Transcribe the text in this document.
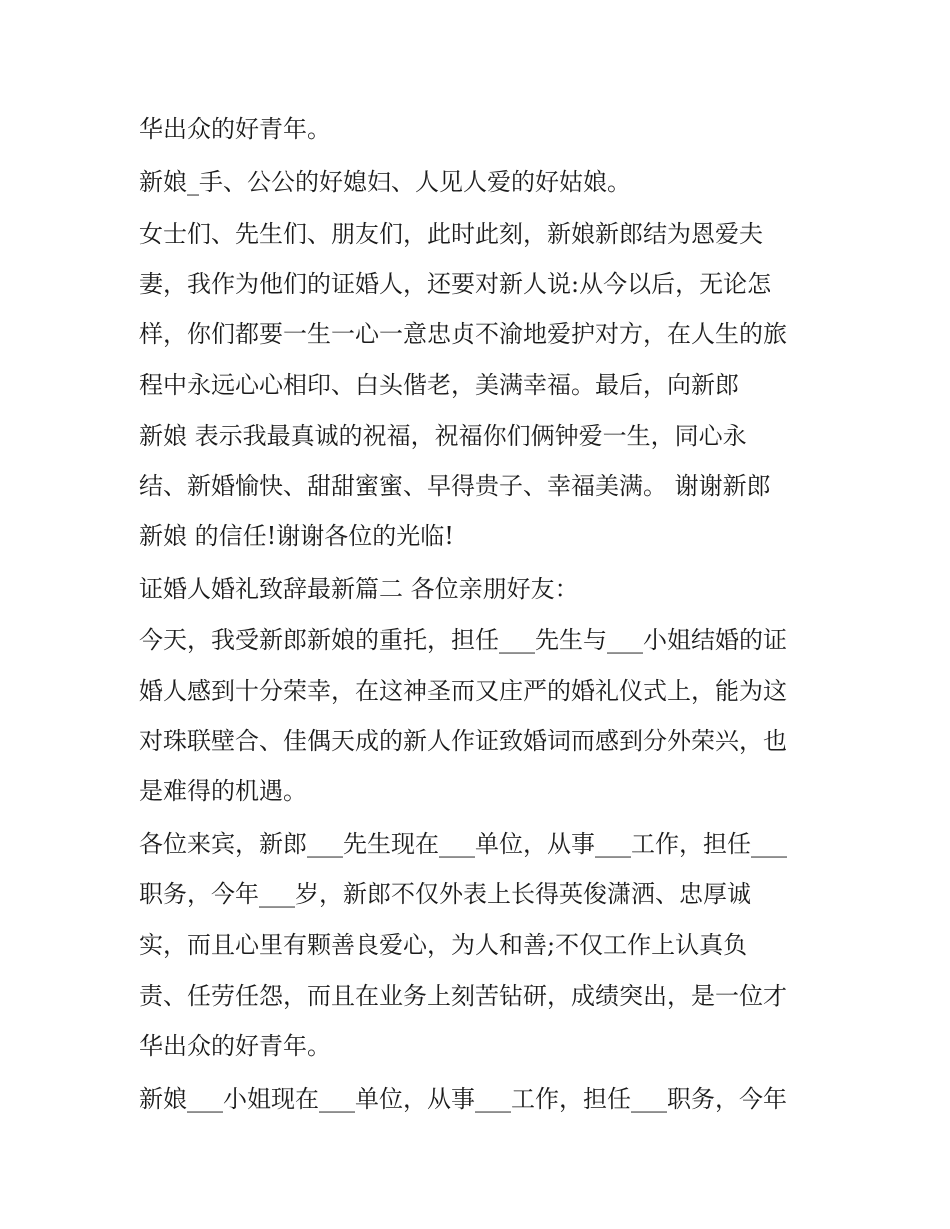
华出众的好青年。

新娘_手、公公的好媳妇、人见人爱的好姑娘。

女士们、先生们、朋友们，此时此刻，新娘新郎结为恩爱夫

妻，我作为他们的证婚人，还要对新人说:从今以后，无论怎

样，你们都要一生一心一意忠贞不渝地爱护对方，在人生的旅

程中永远心心相印、白头偕老，美满幸福。最后，向新郎

新娘 表示我最真诚的祝福，祝福你们俩钟爱一生，同心永

结、新婚愉快、甜甜蜜蜜、早得贵子、幸福美满。 谢谢新郎

新娘 的信任!谢谢各位的光临!

证婚人婚礼致辞最新篇二 各位亲朋好友：

今天，我受新郎新娘的重托，担任___先生与___小姐结婚的证

婚人感到十分荣幸，在这神圣而又庄严的婚礼仪式上，能为这

对珠联壁合、佳偶天成的新人作证致婚词而感到分外荣兴，也

是难得的机遇。

各位来宾，新郎___先生现在___单位，从事___工作，担任___

职务，今年___岁，新郎不仅外表上长得英俊潇洒、忠厚诚

实，而且心里有颗善良爱心，为人和善;不仅工作上认真负

责、任劳任怨，而且在业务上刻苦钻研，成绩突出，是一位才

华出众的好青年。

新娘___小姐现在___单位，从事___工作，担任___职务，今年
